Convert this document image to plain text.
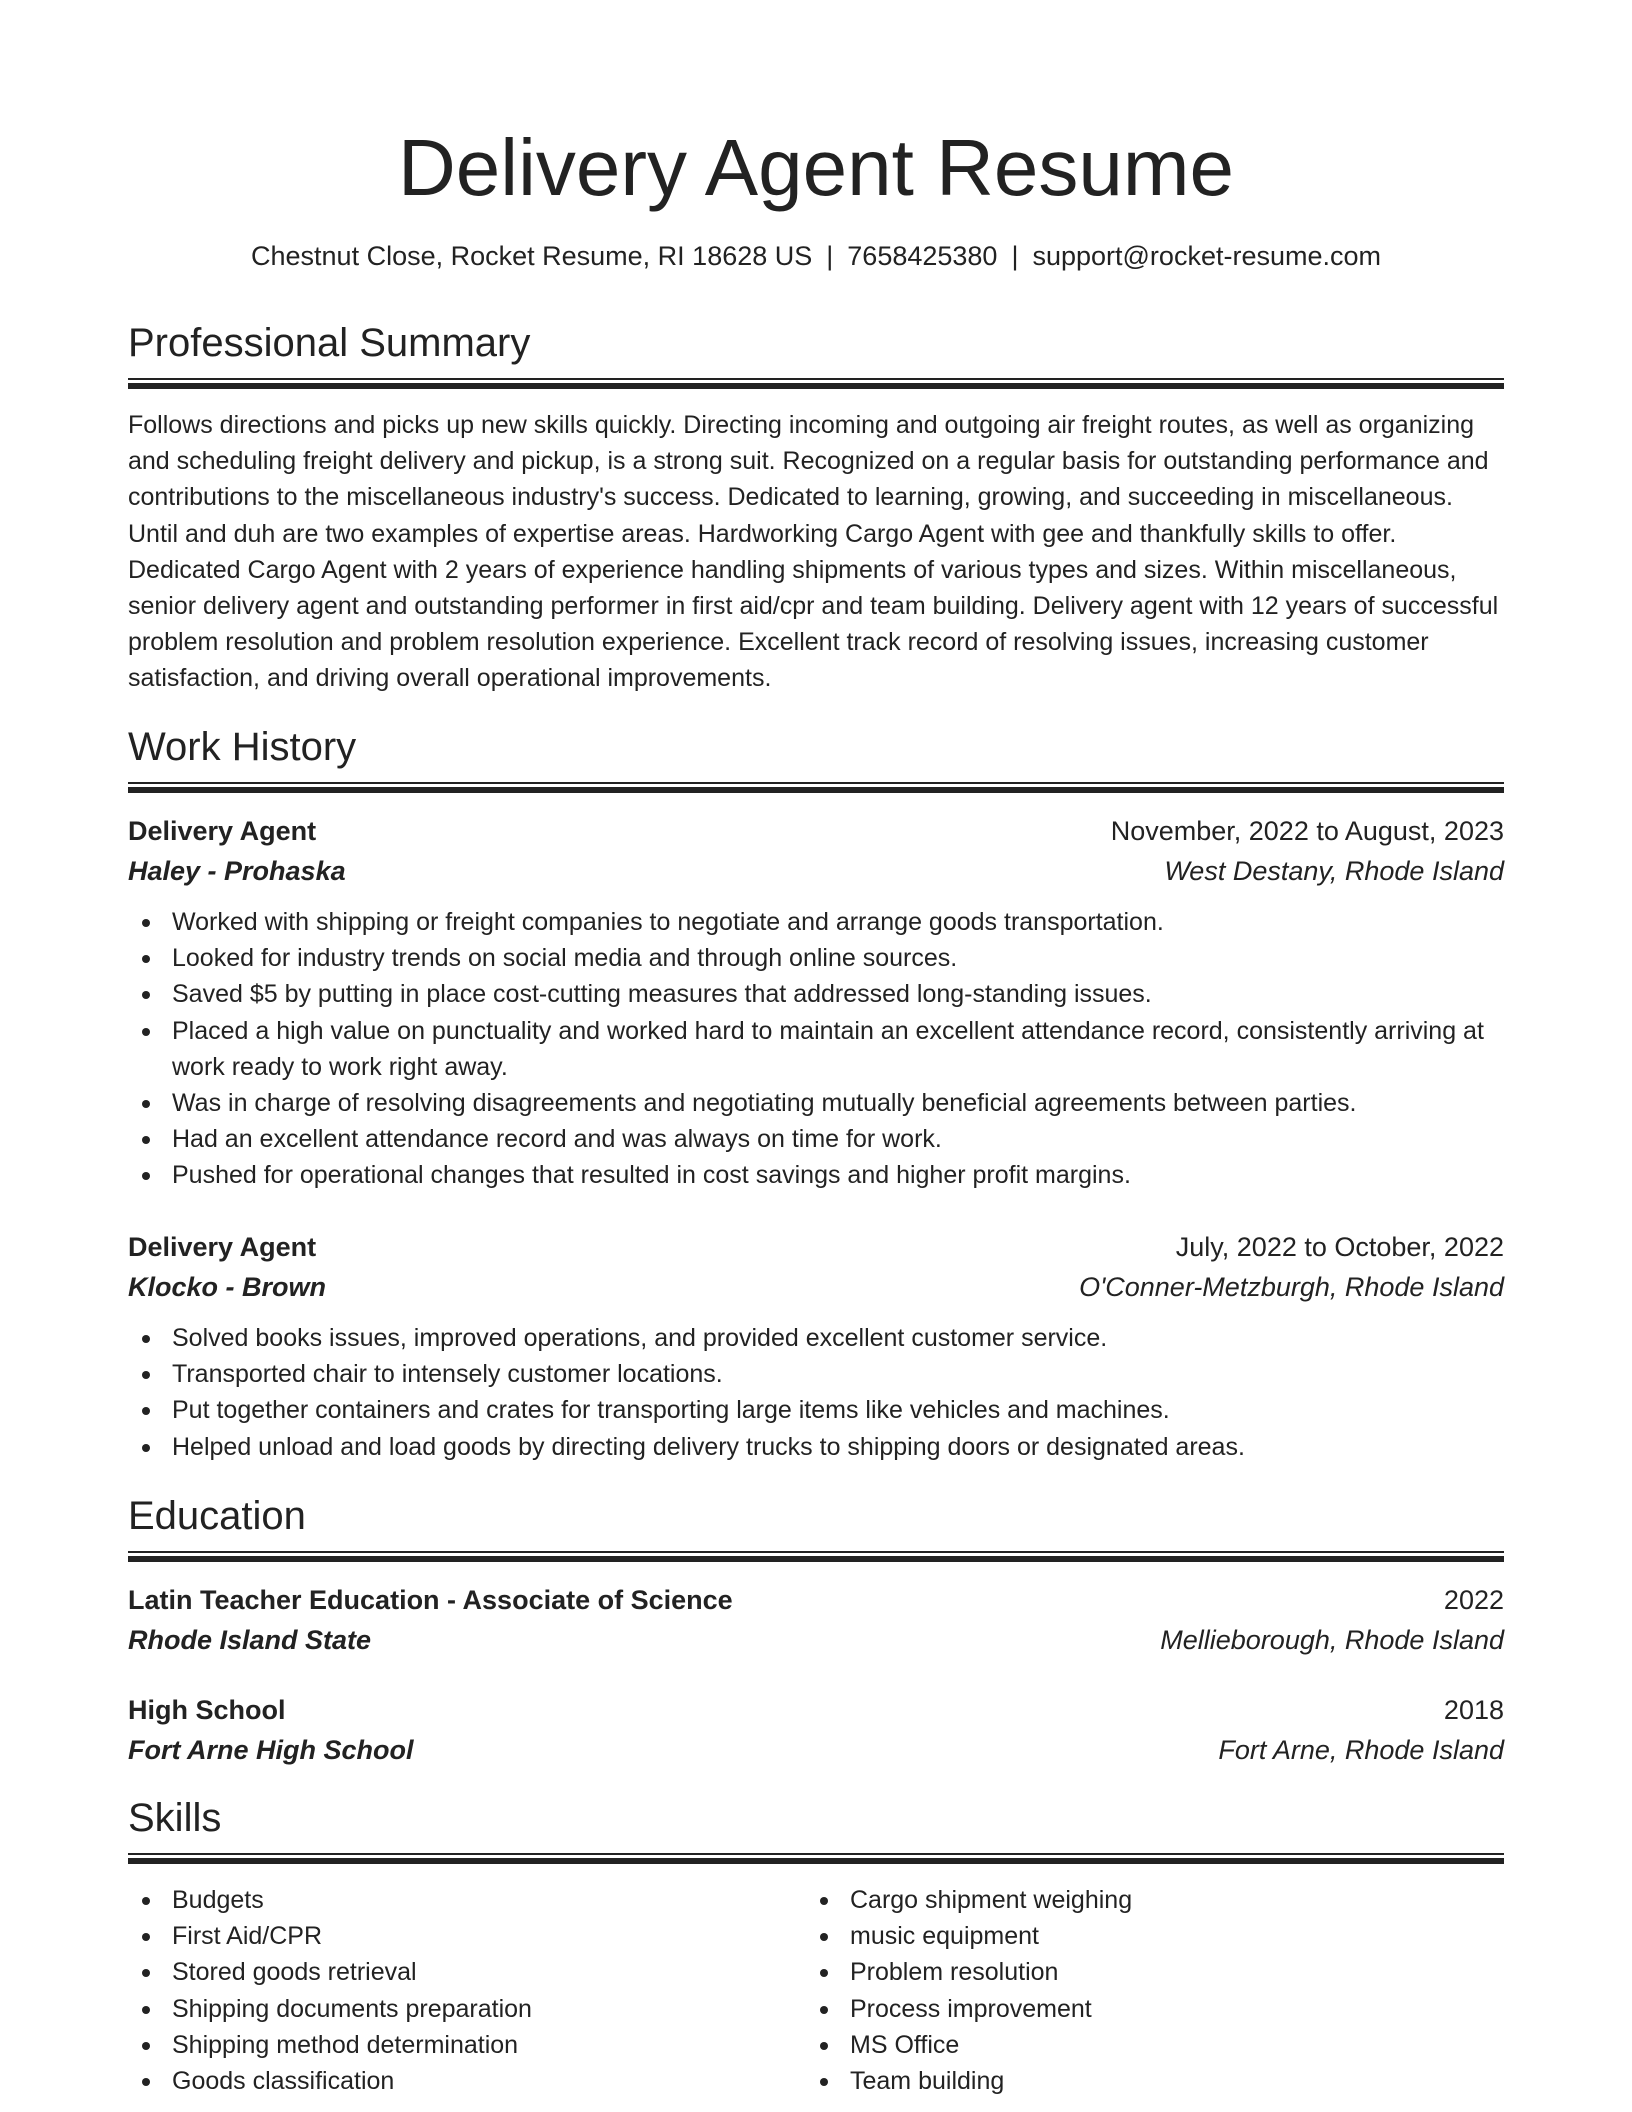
Delivery Agent Resume
Chestnut Close, Rocket Resume, RI 18628 US | 7658425380 | support@rocket-resume.com
Professional Summary
Follows directions and picks up new skills quickly. Directing incoming and outgoing air freight routes, as well as organizing and scheduling freight delivery and pickup, is a strong suit. Recognized on a regular basis for outstanding performance and contributions to the miscellaneous industry's success. Dedicated to learning, growing, and succeeding in miscellaneous. Until and duh are two examples of expertise areas. Hardworking Cargo Agent with gee and thankfully skills to offer. Dedicated Cargo Agent with 2 years of experience handling shipments of various types and sizes. Within miscellaneous, senior delivery agent and outstanding performer in first aid/cpr and team building. Delivery agent with 12 years of successful problem resolution and problem resolution experience. Excellent track record of resolving issues, increasing customer satisfaction, and driving overall operational improvements.
Work History
Delivery Agent	November, 2022 to August, 2023
Haley - Prohaska	West Destany, Rhode Island
Worked with shipping or freight companies to negotiate and arrange goods transportation.
Looked for industry trends on social media and through online sources.
Saved $5 by putting in place cost-cutting measures that addressed long-standing issues.
Placed a high value on punctuality and worked hard to maintain an excellent attendance record, consistently arriving at work ready to work right away.
Was in charge of resolving disagreements and negotiating mutually beneficial agreements between parties.
Had an excellent attendance record and was always on time for work.
Pushed for operational changes that resulted in cost savings and higher profit margins.
Delivery Agent	July, 2022 to October, 2022
Klocko - Brown	O'Conner-Metzburgh, Rhode Island
Solved books issues, improved operations, and provided excellent customer service.
Transported chair to intensely customer locations.
Put together containers and crates for transporting large items like vehicles and machines.
Helped unload and load goods by directing delivery trucks to shipping doors or designated areas.
Education
Latin Teacher Education - Associate of Science	2022
Rhode Island State	Mellieborough, Rhode Island
High School	2018
Fort Arne High School	Fort Arne, Rhode Island
Skills
Budgets
First Aid/CPR
Stored goods retrieval
Shipping documents preparation
Shipping method determination
Goods classification
Cargo shipment weighing
music equipment
Problem resolution
Process improvement
MS Office
Team building
